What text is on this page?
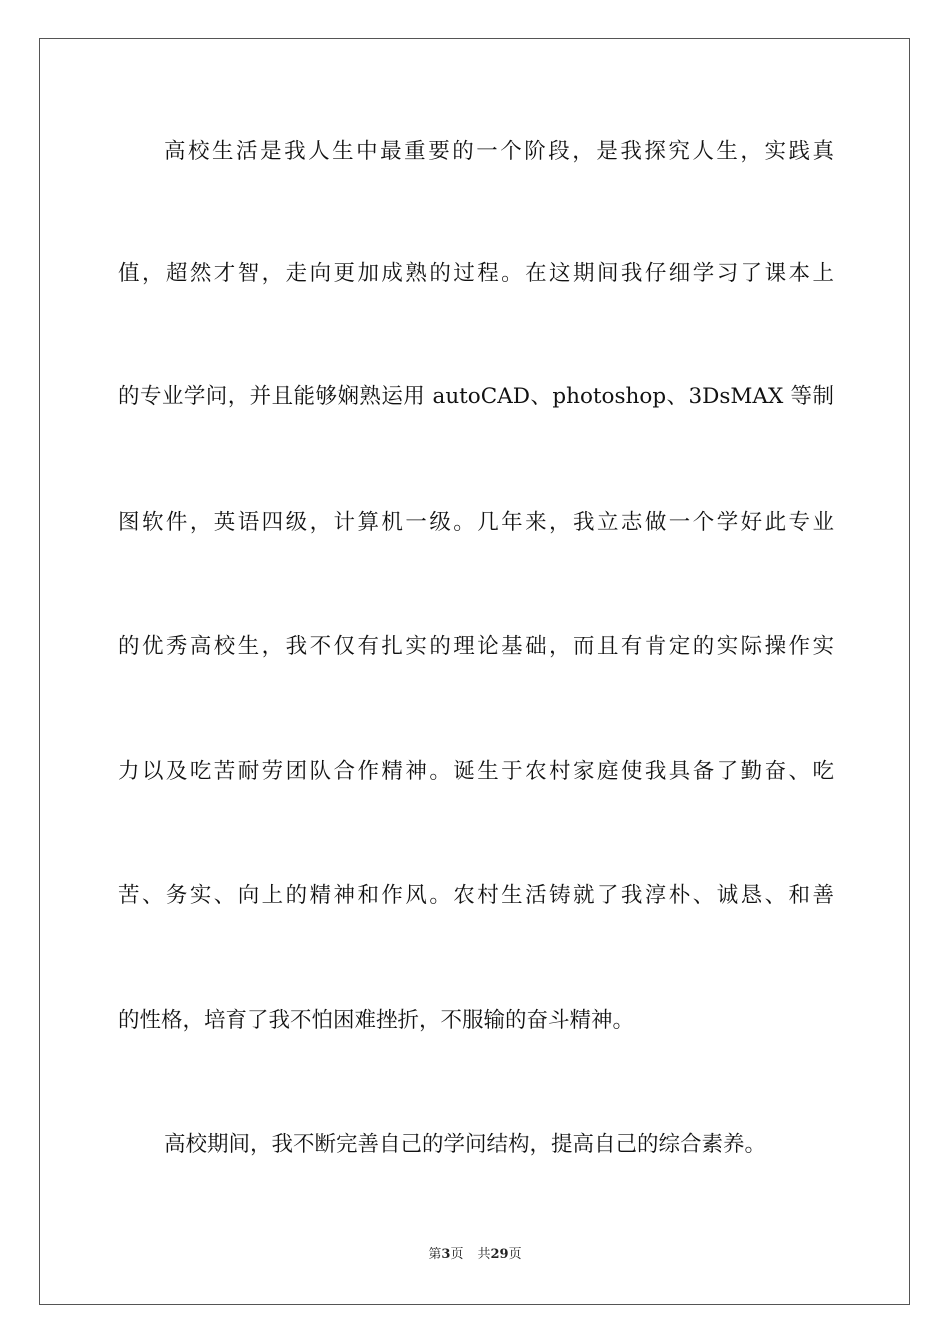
高校生活是我人生中最重要的一个阶段，是我探究人生，实践真
值，超然才智，走向更加成熟的过程。在这期间我仔细学习了课本上
的专业学问，并且能够娴熟运用 autoCAD、photoshop、3DsMAX 等制
图软件，英语四级，计算机一级。几年来，我立志做一个学好此专业
的优秀高校生，我不仅有扎实的理论基础，而且有肯定的实际操作实
力以及吃苦耐劳团队合作精神。诞生于农村家庭使我具备了勤奋、吃
苦、务实、向上的精神和作风。农村生活铸就了我淳朴、诚恳、和善
的性格，培育了我不怕困难挫折，不服输的奋斗精神。
高校期间，我不断完善自己的学问结构，提高自己的综合素养。
第3页 共29页
